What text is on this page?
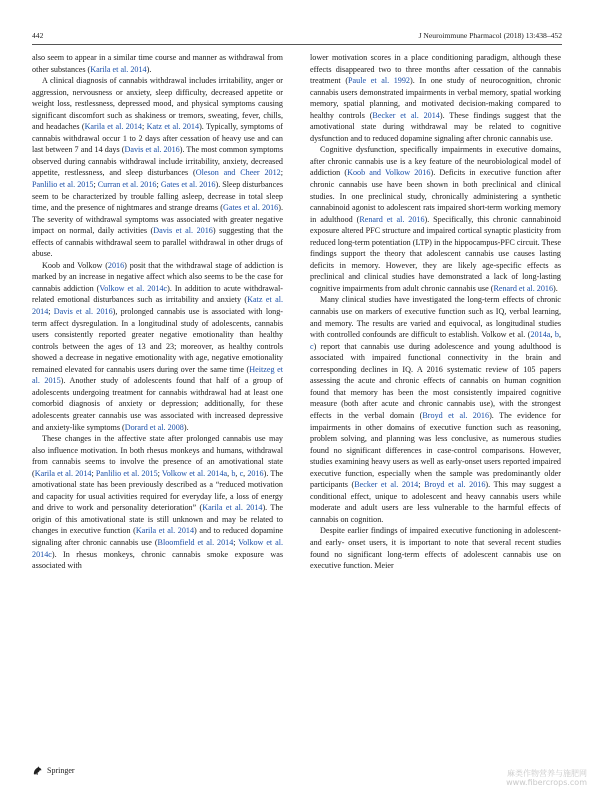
442	J Neuroimmune Pharmacol (2018) 13:438–452

also seem to appear in a similar time course and manner as withdrawal from other substances (Karila et al. 2014).

A clinical diagnosis of cannabis withdrawal includes irritability, anger or aggression, nervousness or anxiety, sleep difficulty, decreased appetite or weight loss, restlessness, depressed mood, and physical symptoms causing significant discomfort such as shakiness or tremors, sweating, fever, chills, and headaches (Karila et al. 2014; Katz et al. 2014). Typically, symptoms of cannabis withdrawal occur 1 to 2 days after cessation of heavy use and can last between 7 and 14 days (Davis et al. 2016). The most common symptoms observed during cannabis withdrawal include irritability, anxiety, decreased appetite, restlessness, and sleep disturbances (Oleson and Cheer 2012; Panlilio et al. 2015; Curran et al. 2016; Gates et al. 2016). Sleep disturbances seem to be characterized by trouble falling asleep, decrease in total sleep time, and the presence of nightmares and strange dreams (Gates et al. 2016). The severity of withdrawal symptoms was associated with greater negative impact on normal, daily activities (Davis et al. 2016) suggesting that the effects of cannabis withdrawal seem to parallel withdrawal in other drugs of abuse.

Koob and Volkow (2016) posit that the withdrawal stage of addiction is marked by an increase in negative affect which also seems to be the case for cannabis addiction (Volkow et al. 2014c). In addition to acute withdrawal-related emotional disturbances such as irritability and anxiety (Katz et al. 2014; Davis et al. 2016), prolonged cannabis use is associated with long-term affect dysregulation. In a longitudinal study of adolescents, cannabis users consistently reported greater negative emotionality than healthy controls between the ages of 13 and 23; moreover, as healthy controls showed a decrease in negative emotionality with age, negative emotionality remained elevated for cannabis users during over the same time (Heitzeg et al. 2015). Another study of adolescents found that half of a group of adolescents undergoing treatment for cannabis withdrawal had at least one comorbid diagnosis of anxiety or depression; additionally, for these adolescents greater cannabis use was associated with increased depressive and anxiety-like symptoms (Dorard et al. 2008).

These changes in the affective state after prolonged cannabis use may also influence motivation. In both rhesus monkeys and humans, withdrawal from cannabis seems to involve the presence of an amotivational state (Karila et al. 2014; Panlilio et al. 2015; Volkow et al. 2014a, b, c, 2016). The amotivational state has been previously described as a “reduced motivation and capacity for usual activities required for everyday life, a loss of energy and drive to work and personality deterioration” (Karila et al. 2014). The origin of this amotivational state is still unknown and may be related to changes in executive function (Karila et al. 2014) and to reduced dopamine signaling after chronic cannabis use (Bloomfield et al. 2014; Volkow et al. 2014c). In rhesus monkeys, chronic cannabis smoke exposure was associated with

lower motivation scores in a place conditioning paradigm, although these effects disappeared two to three months after cessation of the cannabis treatment (Paule et al. 1992). In one study of neurocognition, chronic cannabis users demonstrated impairments in verbal memory, spatial working memory, spatial planning, and motivated decision-making compared to healthy controls (Becker et al. 2014). These findings suggest that the amotivational state during withdrawal may be related to cognitive dysfunction and to reduced dopamine signaling after chronic cannabis use.

Cognitive dysfunction, specifically impairments in executive domains, after chronic cannabis use is a key feature of the neurobiological model of addiction (Koob and Volkow 2016). Deficits in executive function after chronic cannabis use have been shown in both preclinical and clinical studies. In one preclinical study, chronically administering a synthetic cannabinoid agonist to adolescent rats impaired short-term working memory in adulthood (Renard et al. 2016). Specifically, this chronic cannabinoid exposure altered PFC structure and impaired cortical synaptic plasticity from reduced long-term potentiation (LTP) in the hippocampus-PFC circuit. These findings support the theory that adolescent cannabis use causes lasting deficits in memory. However, they are likely age-specific effects as preclinical and clinical studies have demonstrated a lack of long-lasting cognitive impairments from adult chronic cannabis use (Renard et al. 2016).

Many clinical studies have investigated the long-term effects of chronic cannabis use on markers of executive function such as IQ, verbal learning, and memory. The results are varied and equivocal, as longitudinal studies with controlled confounds are difficult to establish. Volkow et al. (2014a, b, c) report that cannabis use during adolescence and young adulthood is associated with impaired functional connectivity in the brain and corresponding declines in IQ. A 2016 systematic review of 105 papers assessing the acute and chronic effects of cannabis on human cognition found that memory has been the most consistently impaired cognitive measure (both after acute and chronic cannabis use), with the strongest effects in the verbal domain (Broyd et al. 2016). The evidence for impairments in other domains of executive function such as reasoning, problem solving, and planning was less conclusive, as numerous studies found no significant differences in case-control comparisons. However, studies examining heavy users as well as early-onset users reported impaired executive function, especially when the sample was predominantly older participants (Becker et al. 2014; Broyd et al. 2016). This may suggest a conditional effect, unique to adolescent and heavy cannabis users while moderate and adult users are less vulnerable to the harmful effects of cannabis on cognition.

Despite earlier findings of impaired executive functioning in adolescent- and early- onset users, it is important to note that several recent studies found no significant long-term effects of adolescent cannabis use on executive function. Meier

Springer	麻类作物营养与施肥网
www.fibercrops.com
